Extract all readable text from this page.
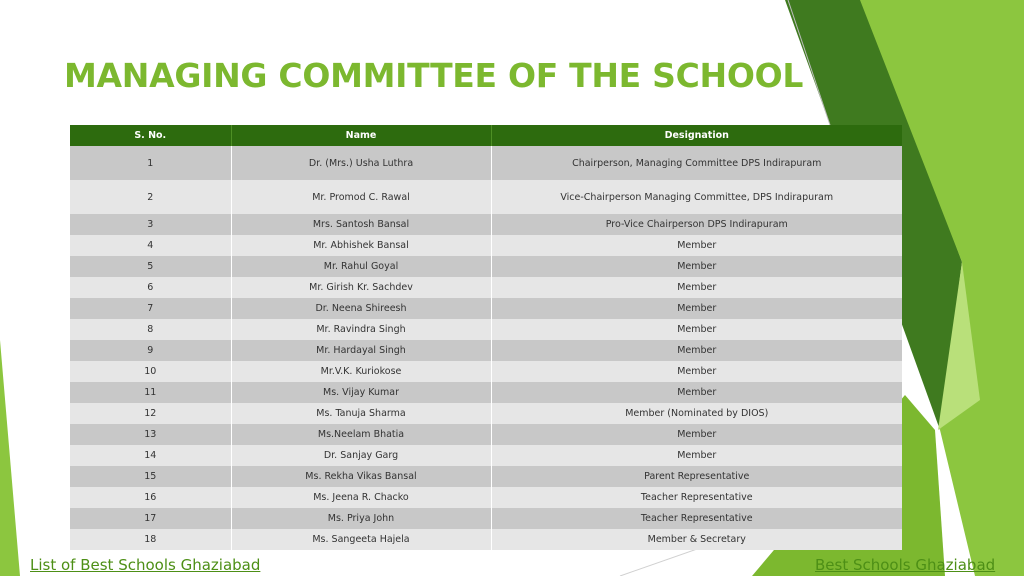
MANAGING COMMITTEE OF THE SCHOOL
S. No.	Name	Designation
1	Dr. (Mrs.) Usha Luthra	Chairperson, Managing Committee DPS Indirapuram
2	Mr. Promod C. Rawal	Vice-Chairperson Managing Committee, DPS Indirapuram
3	Mrs. Santosh Bansal	Pro-Vice Chairperson DPS Indirapuram
4	Mr. Abhishek Bansal	Member
5	Mr. Rahul Goyal	Member
6	Mr. Girish Kr. Sachdev	Member
7	Dr. Neena Shireesh	Member
8	Mr. Ravindra Singh	Member
9	Mr. Hardayal Singh	Member
10	Mr.V.K. Kuriokose	Member
11	Ms. Vijay Kumar	Member
12	Ms. Tanuja Sharma	Member (Nominated by DIOS)
13	Ms.Neelam Bhatia	Member
14	Dr. Sanjay Garg	Member
15	Ms. Rekha Vikas Bansal	Parent Representative
16	Ms. Jeena R. Chacko	Teacher Representative
17	Ms. Priya John	Teacher Representative
18	Ms. Sangeeta Hajela	Member & Secretary
List of Best Schools Ghaziabad	Best Schools Ghaziabad
